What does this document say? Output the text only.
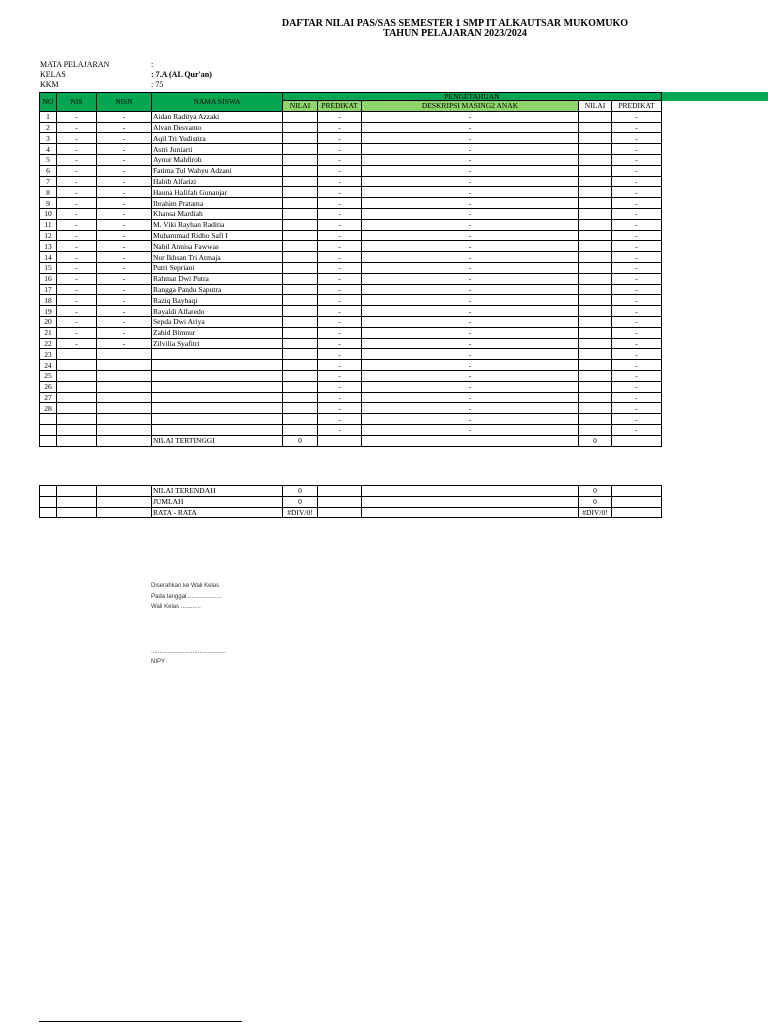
DAFTAR NILAI PAS/SAS SEMESTER 1 SMP IT ALKAUTSAR MUKOMUKO
TAHUN PELAJARAN 2023/2024
MATA PELAJARAN	:
KELAS	: 7.A (AL Qur'an)
KKM	: 75
NO	NIS	NISN	NAMA SISWA	PENGETAHUAN				
				NILAI	PREDIKAT	DESKRIPSI MASING2 ANAK	NILAI	PREDIKAT
1	-	-	Aidan Raditya Azzaki		-	-		-
2	-	-	Alvan Desvanto		-	-		-
3	-	-	Aqil Tri Yudistira		-	-		-
4	-	-	Astri Juniarti		-	-		-
5	-	-	Aynur Mahfiroh		-	-		-
6	-	-	Fatima Tul Wahyu Adzani		-	-		-
7	-	-	Habib Alfarizi		-	-		-
8	-	-	Hauna Hafifah Gunanjar		-	-		-
9	-	-	Ibrahim Pratama		-	-		-
10	-	-	Khansa Mardiah		-	-		-
11	-	-	M. Viki Rayhan Raditia		-	-		-
12	-	-	Muhammad Ridho Safi I		-	-		-
13	-	-	Nabil Annisa Fawwas		-	-		-
14	-	-	Nur Ikhsan Tri Atmaja		-	-		-
15	-	-	Putri Sepriani		-	-		-
16	-	-	Rahmat Dwi Putra		-	-		-
17	-	-	Rangga Pandu Saputra		-	-		-
18	-	-	Raziq Bayhaqi		-	-		-
19	-	-	Rayaldi Alfaredo		-	-		-
20	-	-	Sepda Dwi Ariya		-	-		-
21	-	-	Zahid Bimnur		-	-		-
22	-	-	Zilvilia Syafitri		-	-		-
23					-	-		-
24					-	-		-
25					-	-		-
26					-	-		-
27					-	-		-
28					-	-		-
					-	-		-
					-	-		-
			NILAI TERTINGGI	0			0	
			NILAI TERENDAH	0			0	
			JUMLAH	0			0	
			RATA - RATA	#DIV/0!			#DIV/0!	
Diserahkan ke Wali Kelas
Pada tanggal.....................
Wali Kelas ............
.............................................
NIPY
